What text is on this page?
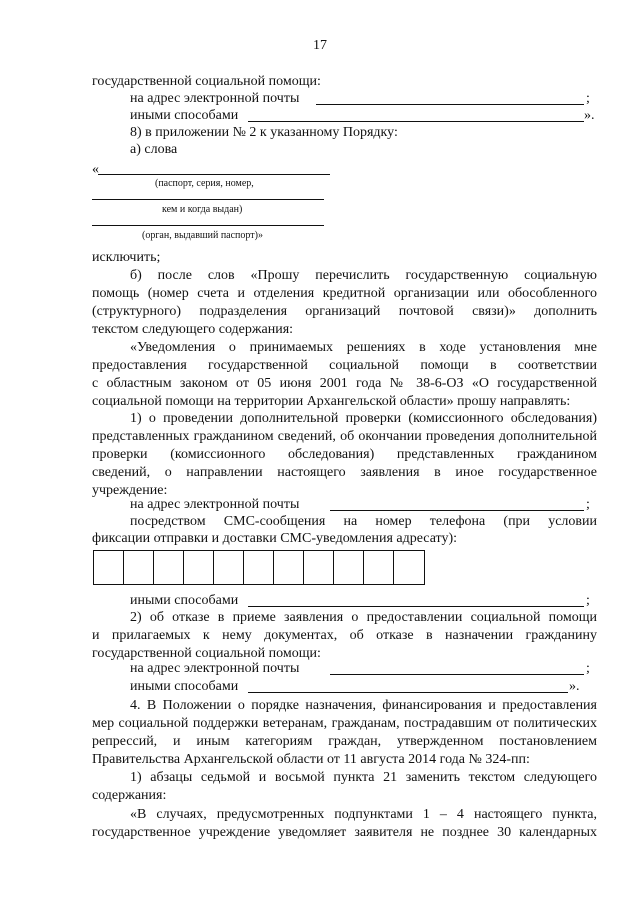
17
государственной социальной помощи:
на адрес электронной почты	;
иными способами	».
8) в приложении № 2 к указанному Порядку:
а) слова
«
(паспорт, серия, номер,
кем и когда выдан)
(орган, выдавший паспорт)»
исключить;
б) после слов «Прошу перечислить государственную социальную
помощь (номер счета и отделения кредитной организации или обособленного
(структурного) подразделения организаций почтовой связи)» дополнить
текстом следующего содержания:
«Уведомления о принимаемых решениях в ходе установления мне
предоставления государственной социальной помощи в соответствии
с областным законом от 05 июня 2001 года № 38-6-ОЗ «О государственной
социальной помощи на территории Архангельской области» прошу направлять:
1) о проведении дополнительной проверки (комиссионного обследования)
представленных гражданином сведений, об окончании проведения дополнительной
проверки (комиссионного обследования) представленных гражданином
сведений, о направлении настоящего заявления в иное государственное
учреждение:
на адрес электронной почты	;
посредством СМС-сообщения на номер телефона (при условии
фиксации отправки и доставки СМС-уведомления адресату):
иными способами	;
2) об отказе в приеме заявления о предоставлении социальной помощи
и прилагаемых к нему документах, об отказе в назначении гражданину
государственной социальной помощи:
на адрес электронной почты	;
иными способами	».
4. В Положении о порядке назначения, финансирования и предоставления
мер социальной поддержки ветеранам, гражданам, пострадавшим от политических
репрессий, и иным категориям граждан, утвержденном постановлением
Правительства Архангельской области от 11 августа 2014 года № 324-пп:
1) абзацы седьмой и восьмой пункта 21 заменить текстом следующего
содержания:
«В случаях, предусмотренных подпунктами 1 – 4 настоящего пункта,
государственное учреждение уведомляет заявителя не позднее 30 календарных
